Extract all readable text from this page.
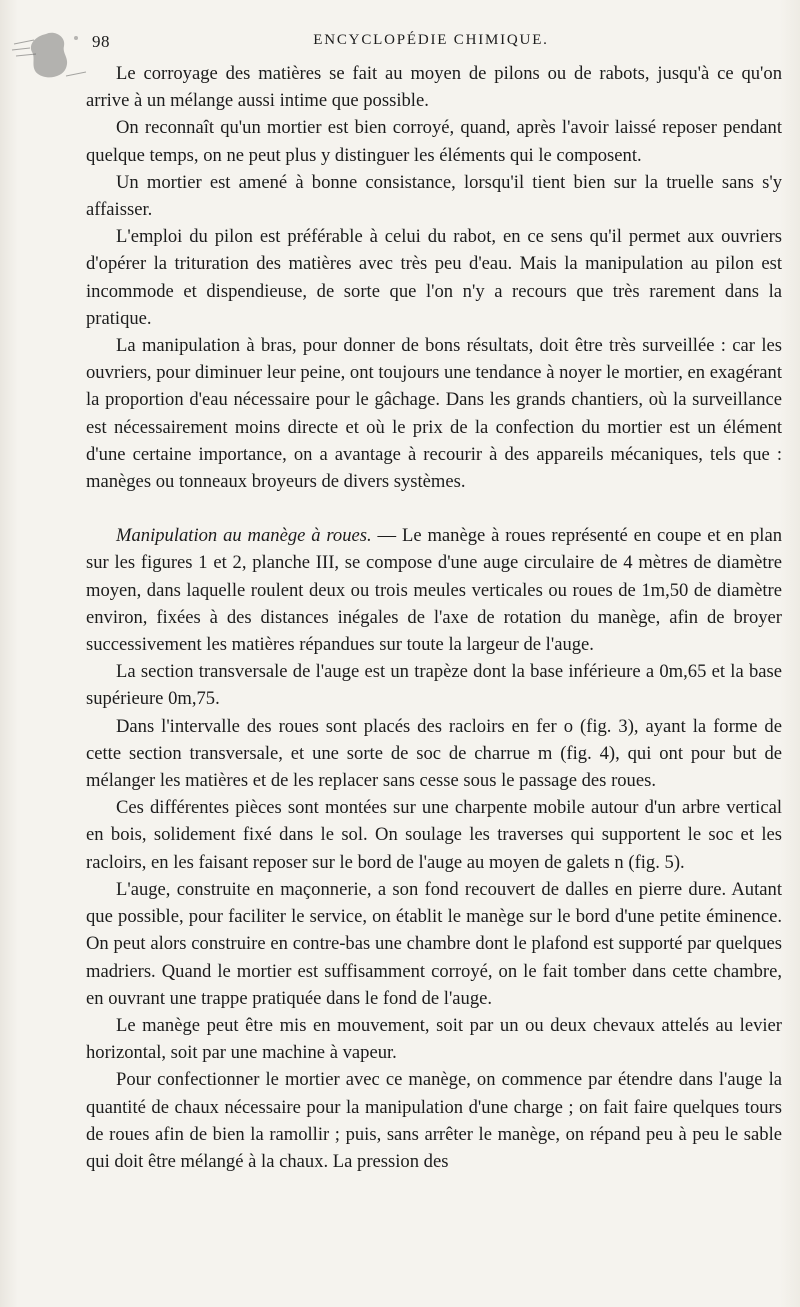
98	ENCYCLOPÉDIE CHIMIQUE.

Le corroyage des matières se fait au moyen de pilons ou de rabots, jusqu'à ce qu'on arrive à un mélange aussi intime que possible.

On reconnaît qu'un mortier est bien corroyé, quand, après l'avoir laissé reposer pendant quelque temps, on ne peut plus y distinguer les éléments qui le composent.

Un mortier est amené à bonne consistance, lorsqu'il tient bien sur la truelle sans s'y affaisser.

L'emploi du pilon est préférable à celui du rabot, en ce sens qu'il permet aux ouvriers d'opérer la trituration des matières avec très peu d'eau. Mais la manipulation au pilon est incommode et dispendieuse, de sorte que l'on n'y a recours que très rarement dans la pratique.

La manipulation à bras, pour donner de bons résultats, doit être très surveillée : car les ouvriers, pour diminuer leur peine, ont toujours une tendance à noyer le mortier, en exagérant la proportion d'eau nécessaire pour le gâchage. Dans les grands chantiers, où la surveillance est nécessairement moins directe et où le prix de la confection du mortier est un élément d'une certaine importance, on a avantage à recourir à des appareils mécaniques, tels que : manèges ou tonneaux broyeurs de divers systèmes.

Manipulation au manège à roues. — Le manège à roues représenté en coupe et en plan sur les figures 1 et 2, planche III, se compose d'une auge circulaire de 4 mètres de diamètre moyen, dans laquelle roulent deux ou trois meules verticales ou roues de 1m,50 de diamètre environ, fixées à des distances inégales de l'axe de rotation du manège, afin de broyer successivement les matières répandues sur toute la largeur de l'auge.

La section transversale de l'auge est un trapèze dont la base inférieure a 0m,65 et la base supérieure 0m,75.

Dans l'intervalle des roues sont placés des racloirs en fer o (fig. 3), ayant la forme de cette section transversale, et une sorte de soc de charrue m (fig. 4), qui ont pour but de mélanger les matières et de les replacer sans cesse sous le passage des roues.

Ces différentes pièces sont montées sur une charpente mobile autour d'un arbre vertical en bois, solidement fixé dans le sol. On soulage les traverses qui supportent le soc et les racloirs, en les faisant reposer sur le bord de l'auge au moyen de galets n (fig. 5).

L'auge, construite en maçonnerie, a son fond recouvert de dalles en pierre dure. Autant que possible, pour faciliter le service, on établit le manège sur le bord d'une petite éminence. On peut alors construire en contre-bas une chambre dont le plafond est supporté par quelques madriers. Quand le mortier est suffisamment corroyé, on le fait tomber dans cette chambre, en ouvrant une trappe pratiquée dans le fond de l'auge.

Le manège peut être mis en mouvement, soit par un ou deux chevaux attelés au levier horizontal, soit par une machine à vapeur.

Pour confectionner le mortier avec ce manège, on commence par étendre dans l'auge la quantité de chaux nécessaire pour la manipulation d'une charge ; on fait faire quelques tours de roues afin de bien la ramollir ; puis, sans arrêter le manège, on répand peu à peu le sable qui doit être mélangé à la chaux. La pression des
